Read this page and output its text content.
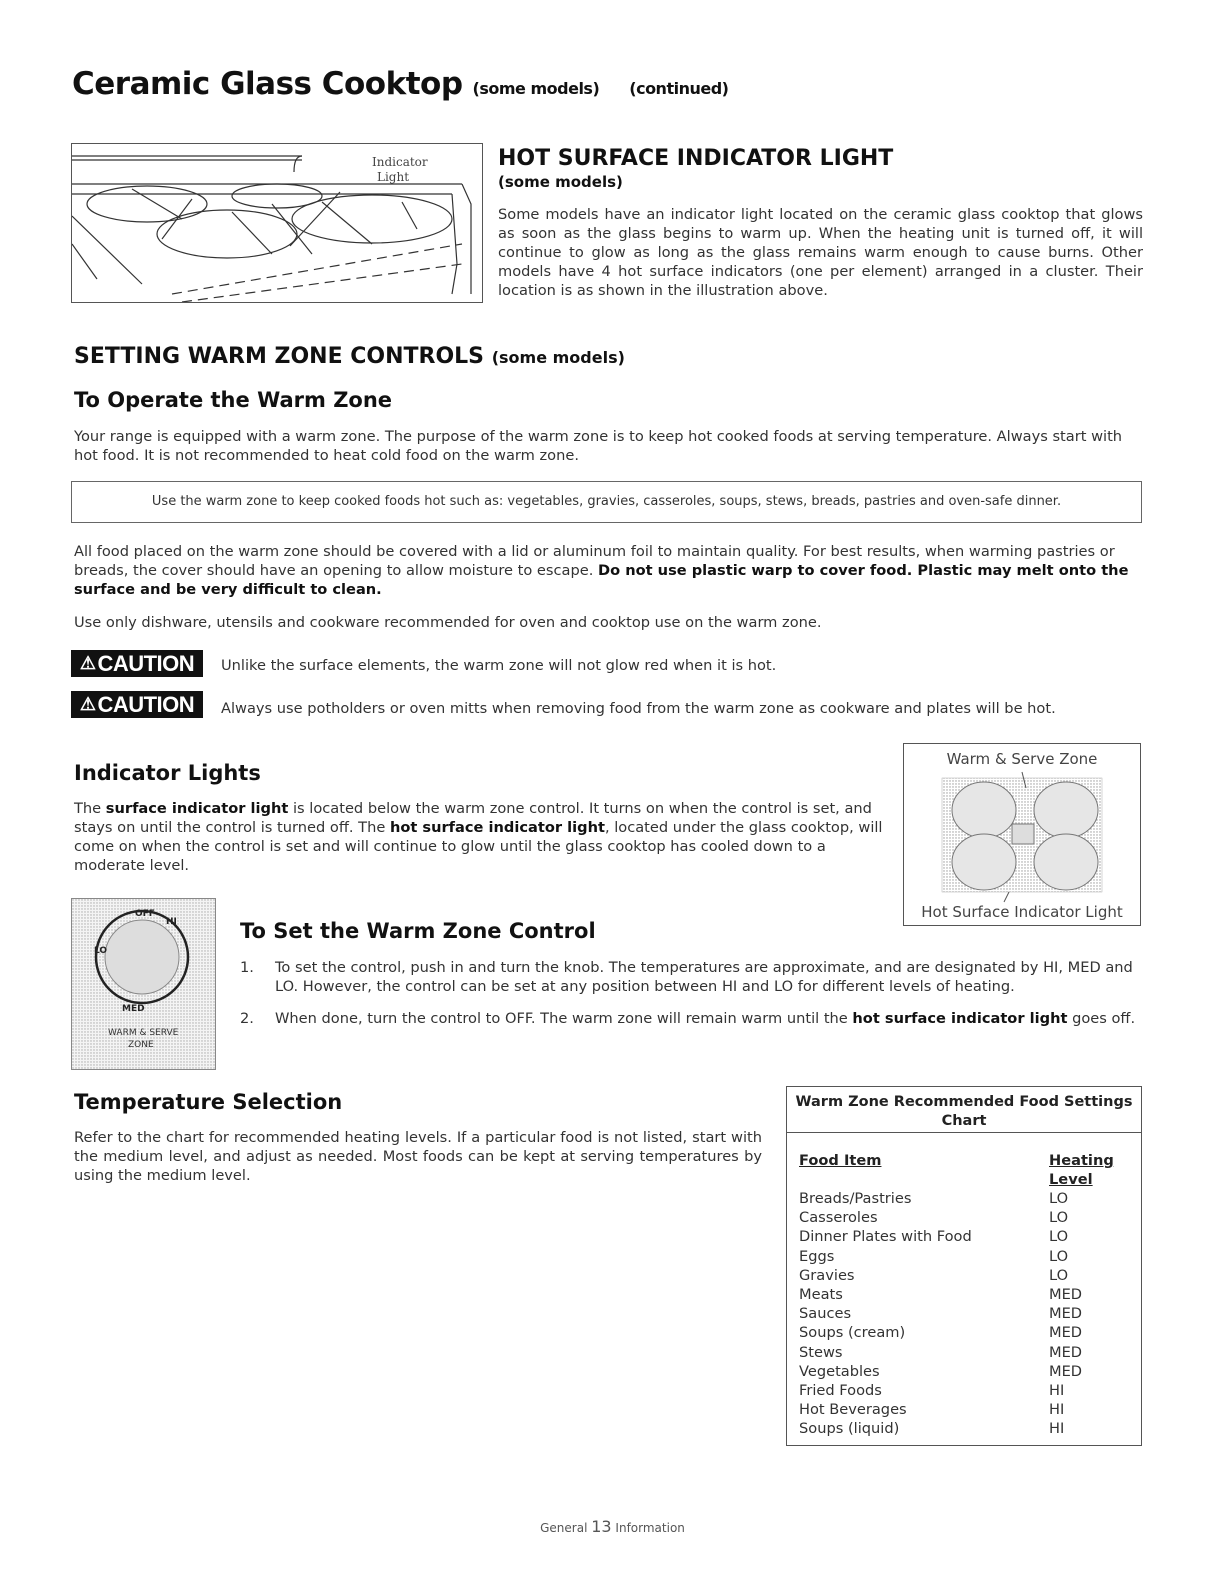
Ceramic Glass Cooktop (some models) (continued)
Indicator
Light
HOT SURFACE INDICATOR LIGHT
(some models)
Some models have an indicator light located on the ceramic glass cooktop that glows as soon as the glass begins to warm up. When the heating unit is turned off, it will continue to glow as long as the glass remains warm enough to cause burns. Other models have 4 hot surface indicators (one per element) arranged in a cluster. Their location is as shown in the illustration above.
SETTING WARM ZONE CONTROLS (some models)
To Operate the Warm Zone
Your range is equipped with a warm zone. The purpose of the warm zone is to keep hot cooked foods at serving temperature. Always start with hot food. It is not recommended to heat cold food on the warm zone.
Use the warm zone to keep cooked foods hot such as: vegetables, gravies, casseroles, soups, stews, breads, pastries and oven-safe dinner.
All food placed on the warm zone should be covered with a lid or aluminum foil to maintain quality. For best results, when warming pastries or breads, the cover should have an opening to allow moisture to escape. Do not use plastic warp to cover food. Plastic may melt onto the surface and be very difficult to clean.
Use only dishware, utensils and cookware recommended for oven and cooktop use on the warm zone.
⚠ CAUTION Unlike the surface elements, the warm zone will not glow red when it is hot.
⚠ CAUTION Always use potholders or oven mitts when removing food from the warm zone as cookware and plates will be hot.
Indicator Lights
The surface indicator light is located below the warm zone control. It turns on when the control is set, and stays on until the control is turned off. The hot surface indicator light, located under the glass cooktop, will come on when the control is set and will continue to glow until the glass cooktop has cooled down to a moderate level.
Warm & Serve Zone
Hot Surface Indicator Light
OFF
HI
LO
MED
WARM & SERVE
ZONE
To Set the Warm Zone Control
1.	To set the control, push in and turn the knob. The temperatures are approximate, and are designated by HI, MED and LO. However, the control can be set at any position between HI and LO for different levels of heating.
2.	When done, turn the control to OFF. The warm zone will remain warm until the hot surface indicator light goes off.
Temperature Selection
Refer to the chart for recommended heating levels. If a particular food is not listed, start with the medium level, and adjust as needed. Most foods can be kept at serving temperatures by using the medium level.
Warm Zone Recommended Food Settings
Chart
Food Item	Heating
Level
Breads/Pastries	LO
Casseroles	LO
Dinner Plates with Food	LO
Eggs	LO
Gravies	LO
Meats	MED
Sauces	MED
Soups (cream)	MED
Stews	MED
Vegetables	MED
Fried Foods	HI
Hot Beverages	HI
Soups (liquid)	HI
General 13 Information
